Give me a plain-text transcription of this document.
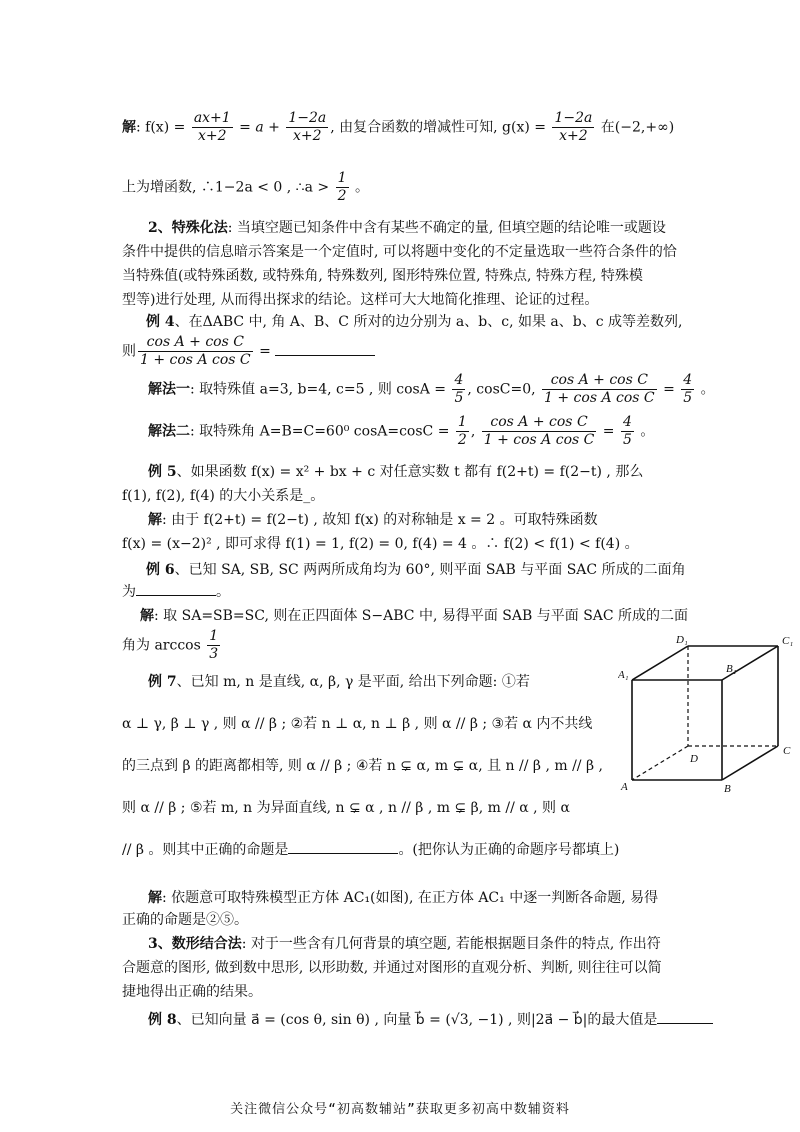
解: $f(x) = \frac{ax+1}{x+2} = a + \frac{1-2a}{x+2}$ , 由复合函数的增减性可知, $g(x) = \frac{1-2a}{x+2}$ 在(−2,+∞)
上为增函数, ∴1−2a < 0 , ∴a > $\frac{1}{2}$ 。
2、特殊化法: 当填空题已知条件中含有某些不确定的量, 但填空题的结论唯一或题设
条件中提供的信息暗示答案是一个定值时, 可以将题中变化的不定量选取一些符合条件的恰
当特殊值(或特殊函数, 或特殊角, 特殊数列, 图形特殊位置, 特殊点, 特殊方程, 特殊模
型等)进行处理, 从而得出探求的结论。这样可大大地简化推理、论证的过程。
例 4、在ΔABC 中, 角 A、B、C 所对的边分别为 a、b、c, 如果 a、b、c 成等差数列,
则 $\frac{\text{cos A + cos C}}{\text{1 + cos A cos C}}$ =
解法一: 取特殊值 a=3, b=4, c=5 , 则 $\cos A = \frac{4}{5}$ , cosC=0, $\frac{\text{cos A + cos C}}{\text{1 + cos A cos C}} = \frac{4}{5}$ 。
解法二: 取特殊角 A=B=C=60⁰ $\cos A=\cos C = \frac{1}{2}$ , $\frac{\text{cos A + cos C}}{\text{1 + cos A cos C}} = \frac{4}{5}$ 。
例 5、如果函数 f(x) = x² + bx + c 对任意实数 t 都有 f(2+t) = f(2−t) , 那么
f(1), f(2), f(4) 的大小关系是_。
解: 由于 f(2+t) = f(2−t) , 故知 f(x) 的对称轴是 x = 2 。可取特殊函数
f(x) = (x−2)² , 即可求得 f(1) = 1, f(2) = 0, f(4) = 4 。∴ f(2) < f(1) < f(4) 。
例 6、已知 SA, SB, SC 两两所成角均为 60°, 则平面 SAB 与平面 SAC 所成的二面角
为	。
解: 取 SA=SB=SC, 则在正四面体 S−ABC 中, 易得平面 SAB 与平面 SAC 所成的二面
角为 $\arccos \frac{1}{3}$	D₁	C₁
A₁	B₁
D
C
A	B
例 7、已知 m, n 是直线, α, β, γ 是平面, 给出下列命题: ①若
α ⊥ γ, β ⊥ γ , 则 α // β ; ②若 n ⊥ α, n ⊥ β , 则 α // β ; ③若 α 内不共线
的三点到 β 的距离都相等, 则 α // β ; ④若 n ⊊ α, m ⊊ α, 且 n // β , m // β ,
则 α // β ; ⑤若 m, n 为异面直线, n ⊊ α , n // β , m ⊊ β, m // α , 则 α
// β 。则其中正确的命题是	。(把你认为正确的命题序号都填上)
解: 依题意可取特殊模型正方体 AC₁(如图), 在正方体 AC₁ 中逐一判断各命题, 易得
正确的命题是②⑤。
3、数形结合法: 对于一些含有几何背景的填空题, 若能根据题目条件的特点, 作出符
合题意的图形, 做到数中思形, 以形助数, 并通过对图形的直观分析、判断, 则往往可以简
捷地得出正确的结果。
例 8、已知向量 a⃗ = (cos θ, sin θ) , 向量 b⃗ = (√3, −1) , 则|2a⃗ − b⃗|的最大值是
关注微信公众号“初高数辅站”获取更多初高中数辅资料
